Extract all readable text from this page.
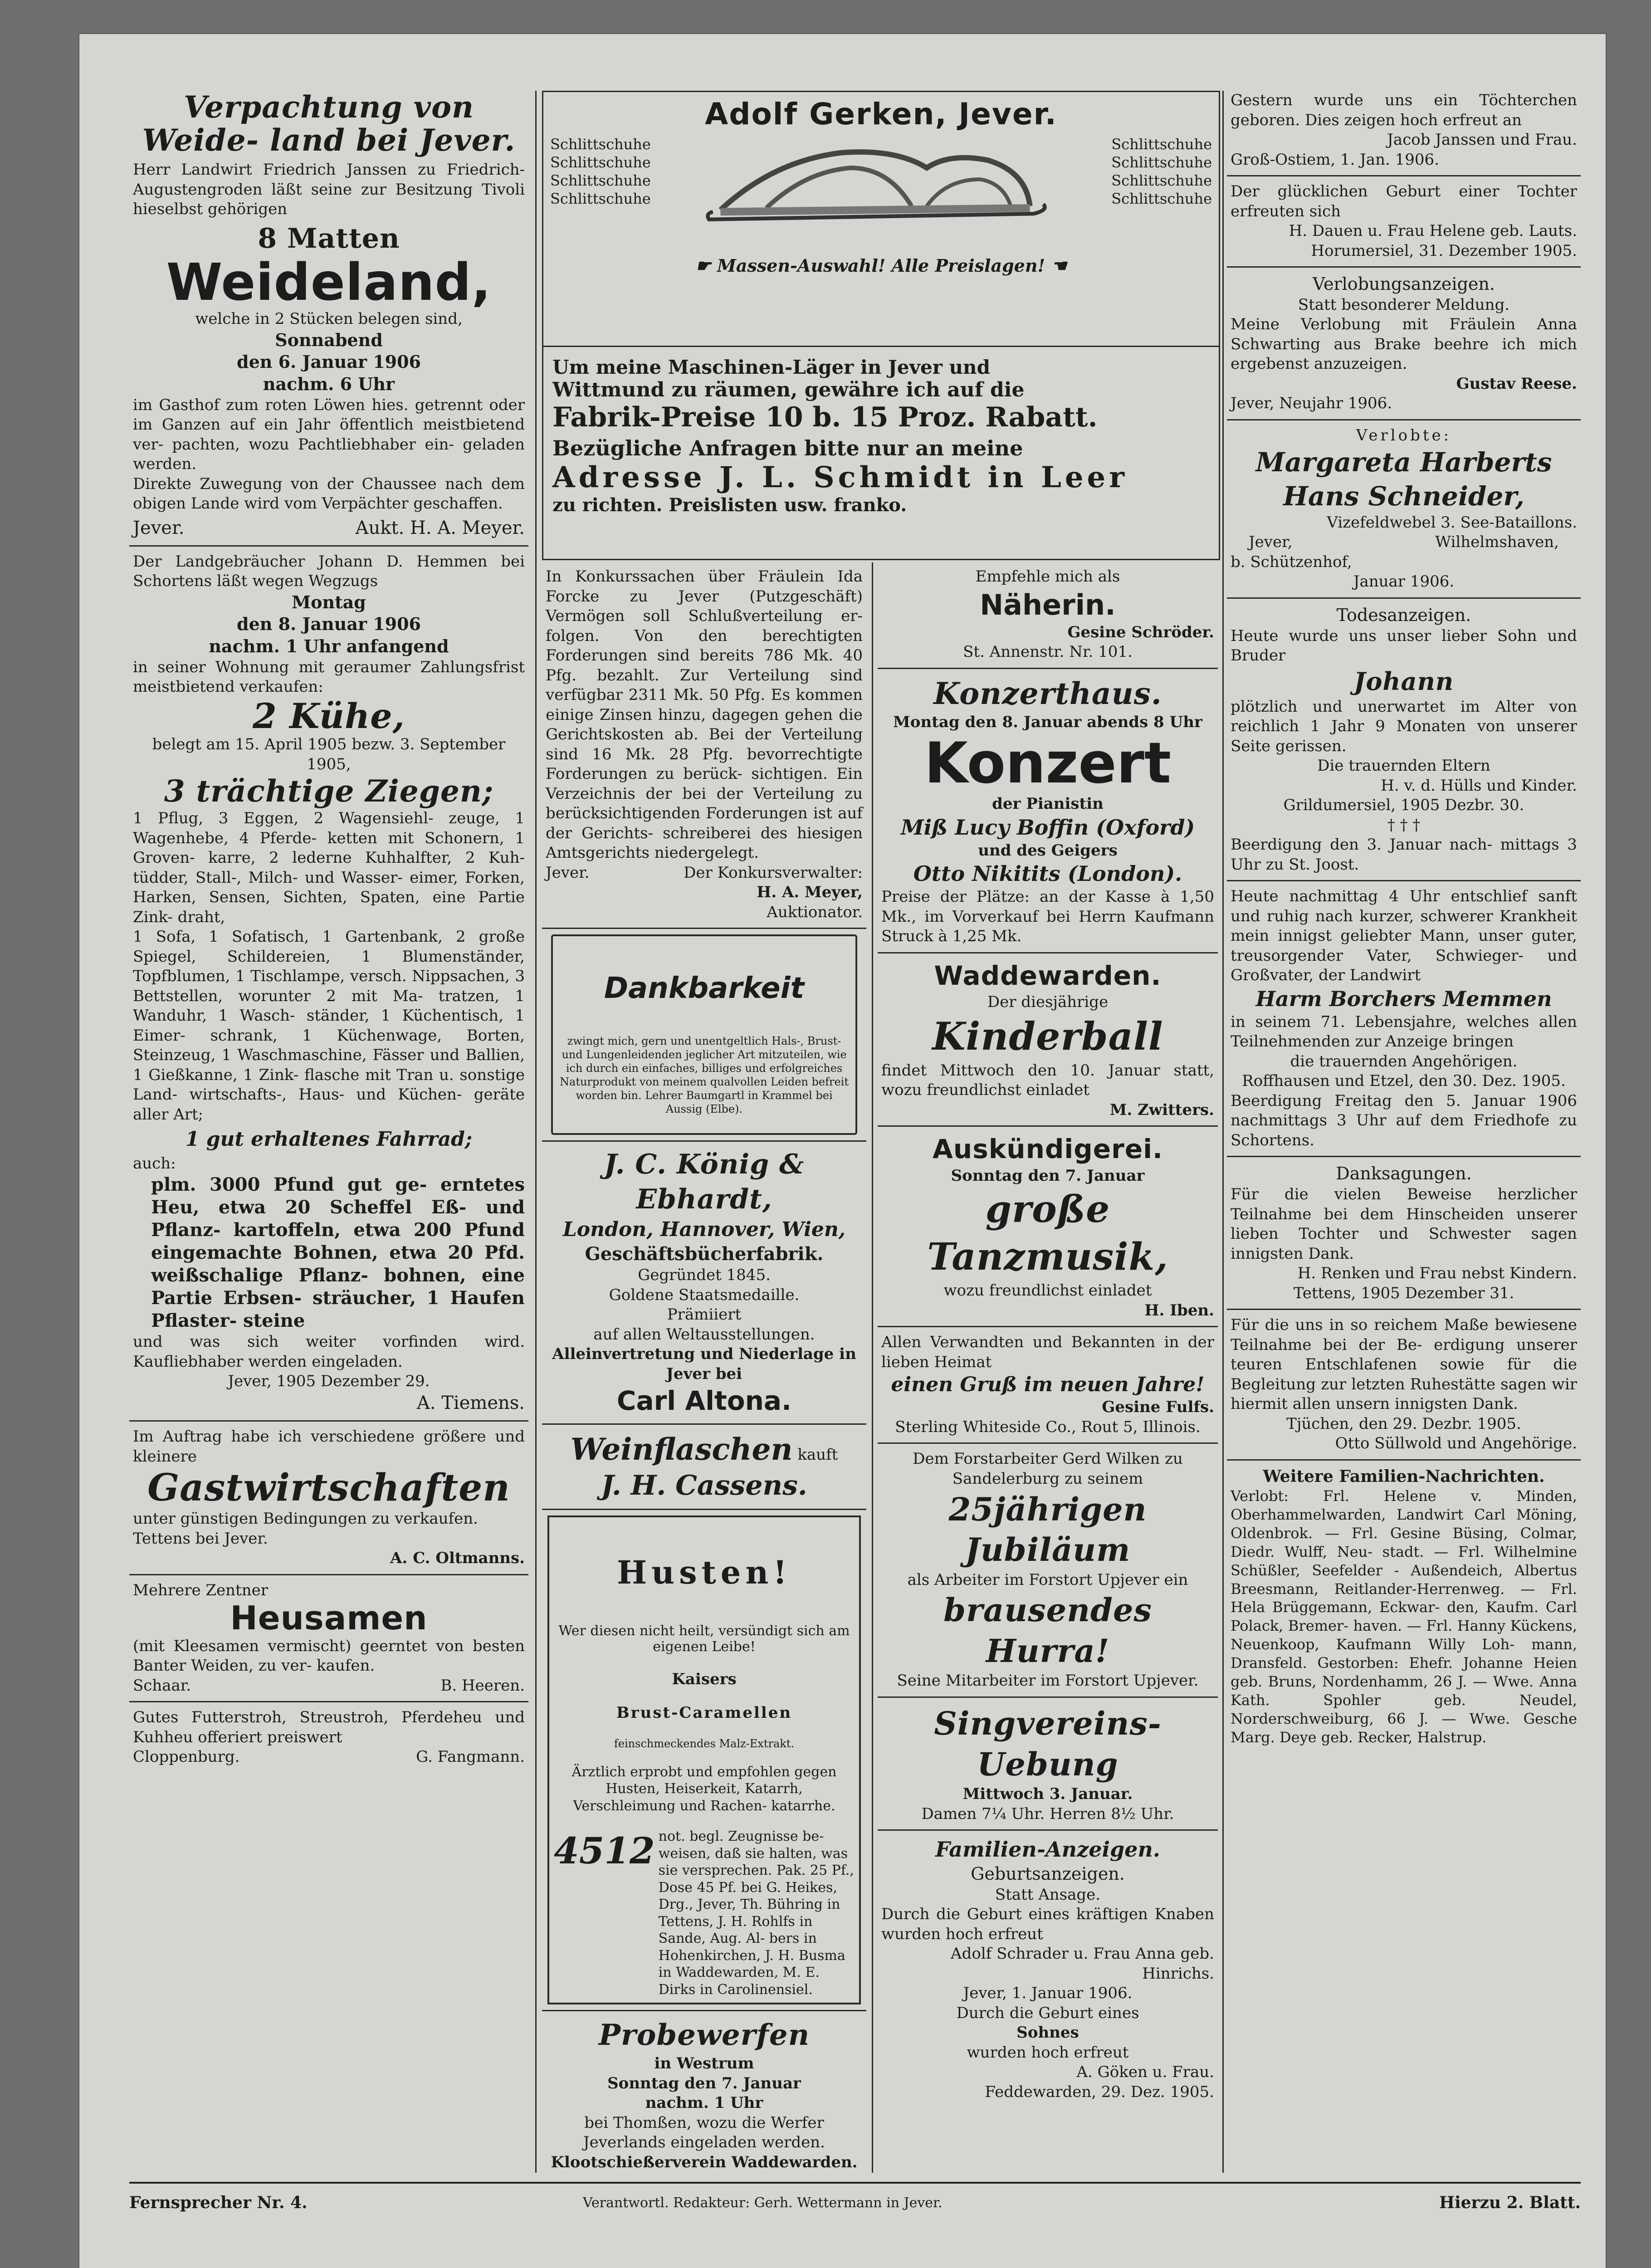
Verpachtung von Weide- land bei Jever.

Herr Landwirt Friedrich Janssen zu Friedrich-Augustengroden läßt seine zur Besitzung Tivoli hieselbst gehörigen

8 Matten

Weideland,

welche in 2 Stücken belegen sind,

Sonnabend

den 6. Januar 1906

nachm. 6 Uhr

im Gasthof zum roten Löwen hies. getrennt oder im Ganzen auf ein Jahr öffentlich meistbietend ver- pachten, wozu Pachtliebhaber ein- geladen werden.

Direkte Zuwegung von der Chaussee nach dem obigen Lande wird vom Verpächter geschaffen.

Jever.	Aukt. H. A. Meyer.

Der Landgebräucher Johann D. Hemmen bei Schortens läßt wegen Wegzugs

Montag

den 8. Januar 1906

nachm. 1 Uhr anfangend

in seiner Wohnung mit geraumer Zahlungsfrist meistbietend verkaufen:

2 Kühe,

belegt am 15. April 1905 bezw. 3. September 1905,

3 trächtige Ziegen;

1 Pflug, 3 Eggen, 2 Wagensiehl- zeuge, 1 Wagenhebe, 4 Pferde- ketten mit Schonern, 1 Groven- karre, 2 lederne Kuhhalfter, 2 Kuh- tüdder, Stall-, Milch- und Wasser- eimer, Forken, Harken, Sensen, Sichten, Spaten, eine Partie Zink- draht,

1 Sofa, 1 Sofatisch, 1 Gartenbank, 2 große Spiegel, Schildereien, 1 Blumenständer, Topfblumen, 1 Tischlampe, versch. Nippsachen, 3 Bettstellen, worunter 2 mit Ma- tratzen, 1 Wanduhr, 1 Wasch- ständer, 1 Küchentisch, 1 Eimer- schrank, 1 Küchenwage, Borten, Steinzeug, 1 Waschmaschine, Fässer und Ballien, 1 Gießkanne, 1 Zink- flasche mit Tran u. sonstige Land- wirtschafts-, Haus- und Küchen- geräte aller Art;

1 gut erhaltenes Fahrrad;

auch:

plm. 3000 Pfund gut ge- erntetes Heu, etwa 20 Scheffel Eß- und Pflanz- kartoffeln, etwa 200 Pfund eingemachte Bohnen, etwa 20 Pfd. weißschalige Pflanz- bohnen, eine Partie Erbsen- sträucher, 1 Haufen Pflaster- steine

und was sich weiter vorfinden wird. Kaufliebhaber werden eingeladen.

Jever, 1905 Dezember 29.

A. Tiemens.

Im Auftrag habe ich verschiedene größere und kleinere

Gastwirtschaften

unter günstigen Bedingungen zu verkaufen.

Tettens bei Jever.

A. C. Oltmanns.

Mehrere Zentner

Heusamen

(mit Kleesamen vermischt) geerntet von besten Banter Weiden, zu ver- kaufen.

Schaar.	B. Heeren.

Gutes Futterstroh, Streustroh, Pferdeheu und Kuhheu offeriert preiswert

Cloppenburg.	G. Fangmann.
Adolf Gerken, Jever.
Schlittschuhe
Schlittschuhe
Schlittschuhe
Schlittschuhe
Schlittschuhe
Schlittschuhe
Schlittschuhe
Schlittschuhe
☛ Massen-Auswahl! Alle Preislagen! ☚

Um meine Maschinen-Läger in Jever und

Wittmund zu räumen, gewähre ich auf die

Fabrik-Preise 10 b. 15 Proz. Rabatt.

Bezügliche Anfragen bitte nur an meine

Adresse J. L. Schmidt in Leer

zu richten. Preislisten usw. franko.

In Konkurssachen über Fräulein Ida Forcke zu Jever (Putzgeschäft) Vermögen soll Schlußverteilung er- folgen. Von den berechtigten Forderungen sind bereits 786 Mk. 40 Pfg. bezahlt. Zur Verteilung sind verfügbar 2311 Mk. 50 Pfg. Es kommen einige Zinsen hinzu, dagegen gehen die Gerichtskosten ab. Bei der Verteilung sind 16 Mk. 28 Pfg. bevorrechtigte Forderungen zu berück- sichtigen. Ein Verzeichnis der bei der Verteilung zu berücksichtigenden Forderungen ist auf der Gerichts- schreiberei des hiesigen Amtsgerichts niedergelegt.

Jever.	Der Konkursverwalter:

H. A. Meyer,

Auktionator.

Dankbarkeit

zwingt mich, gern und unentgeltlich Hals-, Brust- und Lungenleidenden jeglicher Art mitzuteilen, wie ich durch ein einfaches, billiges und erfolgreiches Naturprodukt von meinem qualvollen Leiden befreit worden bin. Lehrer Baumgartl in Krammel bei Aussig (Elbe).

J. C. König & Ebhardt,

London, Hannover, Wien,

Geschäftsbücherfabrik.

Gegründet 1845.

Goldene Staatsmedaille.

Prämiiert

auf allen Weltausstellungen.

Alleinvertretung und Niederlage in Jever bei

Carl Altona.

Weinflaschen kauft

J. H. Cassens.

Husten!

Wer diesen nicht heilt, versündigt sich am eigenen Leibe!

Kaisers

Brust-Caramellen

feinschmeckendes Malz-Extrakt.

Ärztlich erprobt und empfohlen gegen Husten, Heiserkeit, Katarrh, Verschleimung und Rachen- katarrhe.

4512 not. begl. Zeugnisse be- weisen, daß sie halten, was sie versprechen. Pak. 25 Pf., Dose 45 Pf. bei G. Heikes, Drg., Jever, Th. Bühring in Tettens, J. H. Rohlfs in Sande, Aug. Al- bers in Hohenkirchen, J. H. Busma in Waddewarden, M. E. Dirks in Carolinensiel.

Probewerfen

in Westrum

Sonntag den 7. Januar

nachm. 1 Uhr

bei Thomßen, wozu die Werfer Jeverlands eingeladen werden.

Klootschießerverein Waddewarden.

Empfehle mich als

Näherin.

Gesine Schröder.

St. Annenstr. Nr. 101.

Konzerthaus.

Montag den 8. Januar abends 8 Uhr

Konzert

der Pianistin

Miß Lucy Boffin (Oxford)

und des Geigers

Otto Nikitits (London).

Preise der Plätze: an der Kasse à 1,50 Mk., im Vorverkauf bei Herrn Kaufmann Struck à 1,25 Mk.

Waddewarden.

Der diesjährige

Kinderball

findet Mittwoch den 10. Januar statt, wozu freundlichst einladet

M. Zwitters.

Auskündigerei.

Sonntag den 7. Januar

große Tanzmusik,

wozu freundlichst einladet

H. Iben.

Allen Verwandten und Bekannten in der lieben Heimat

einen Gruß im neuen Jahre!

Gesine Fulfs.

Sterling Whiteside Co., Rout 5, Illinois.

Dem Forstarbeiter Gerd Wilken zu Sandelerburg zu seinem

25jährigen Jubiläum

als Arbeiter im Forstort Upjever ein

brausendes Hurra!

Seine Mitarbeiter im Forstort Upjever.

Singvereins-Uebung

Mittwoch 3. Januar.

Damen 7¼ Uhr. Herren 8½ Uhr.

Familien-Anzeigen.

Geburtsanzeigen.

Statt Ansage.

Durch die Geburt eines kräftigen Knaben wurden hoch erfreut

Adolf Schrader u. Frau Anna geb. Hinrichs.

Jever, 1. Januar 1906.

Durch die Geburt eines

Sohnes

wurden hoch erfreut

A. Göken u. Frau.

Feddewarden, 29. Dez. 1905.

Gestern wurde uns ein Töchterchen geboren. Dies zeigen hoch erfreut an

Jacob Janssen und Frau.

Groß-Ostiem, 1. Jan. 1906.

Der glücklichen Geburt einer Tochter erfreuten sich

H. Dauen u. Frau Helene geb. Lauts.

Horumersiel, 31. Dezember 1905.

Verlobungsanzeigen.

Statt besonderer Meldung.

Meine Verlobung mit Fräulein Anna Schwarting aus Brake beehre ich mich ergebenst anzuzeigen.

Gustav Reese.

Jever, Neujahr 1906.

Verlobte:

Margareta Harberts

Hans Schneider,

Vizefeldwebel 3. See-Bataillons.

Jever,	Wilhelmshaven,

b. Schützenhof,

Januar 1906.

Todesanzeigen.

Heute wurde uns unser lieber Sohn und Bruder

Johann

plötzlich und unerwartet im Alter von reichlich 1 Jahr 9 Monaten von unserer Seite gerissen.

Die trauernden Eltern

H. v. d. Hülls und Kinder.

Grildumersiel, 1905 Dezbr. 30.

† † †

Beerdigung den 3. Januar nach- mittags 3 Uhr zu St. Joost.

Heute nachmittag 4 Uhr entschlief sanft und ruhig nach kurzer, schwerer Krankheit mein innigst geliebter Mann, unser guter, treusorgender Vater, Schwieger- und Großvater, der Landwirt

Harm Borchers Memmen

in seinem 71. Lebensjahre, welches allen Teilnehmenden zur Anzeige bringen

die trauernden Angehörigen.

Roffhausen und Etzel, den 30. Dez. 1905.

Beerdigung Freitag den 5. Januar 1906 nachmittags 3 Uhr auf dem Friedhofe zu Schortens.

Danksagungen.

Für die vielen Beweise herzlicher Teilnahme bei dem Hinscheiden unserer lieben Tochter und Schwester sagen innigsten Dank.

H. Renken und Frau nebst Kindern.

Tettens, 1905 Dezember 31.

Für die uns in so reichem Maße bewiesene Teilnahme bei der Be- erdigung unserer teuren Entschlafenen sowie für die Begleitung zur letzten Ruhestätte sagen wir hiermit allen unsern innigsten Dank.

Tjüchen, den 29. Dezbr. 1905.

Otto Süllwold und Angehörige.

Weitere Familien-Nachrichten.

Verlobt: Frl. Helene v. Minden, Oberhammelwarden, Landwirt Carl Möning, Oldenbrok. — Frl. Gesine Büsing, Colmar, Diedr. Wulff, Neu- stadt. — Frl. Wilhelmine Schüßler, Seefelder - Außendeich, Albertus Breesmann, Reitlander-Herrenweg. — Frl. Hela Brüggemann, Eckwar- den, Kaufm. Carl Polack, Bremer- haven. — Frl. Hanny Kückens, Neuenkoop, Kaufmann Willy Loh- mann, Dransfeld. Gestorben: Ehefr. Johanne Heien geb. Bruns, Nordenhamm, 26 J. — Wwe. Anna Kath. Spohler geb. Neudel, Norderschweiburg, 66 J. — Wwe. Gesche Marg. Deye geb. Recker, Halstrup.

Fernsprecher Nr. 4.	Verantwortl. Redakteur: Gerh. Wettermann in Jever.	Hierzu 2. Blatt.
